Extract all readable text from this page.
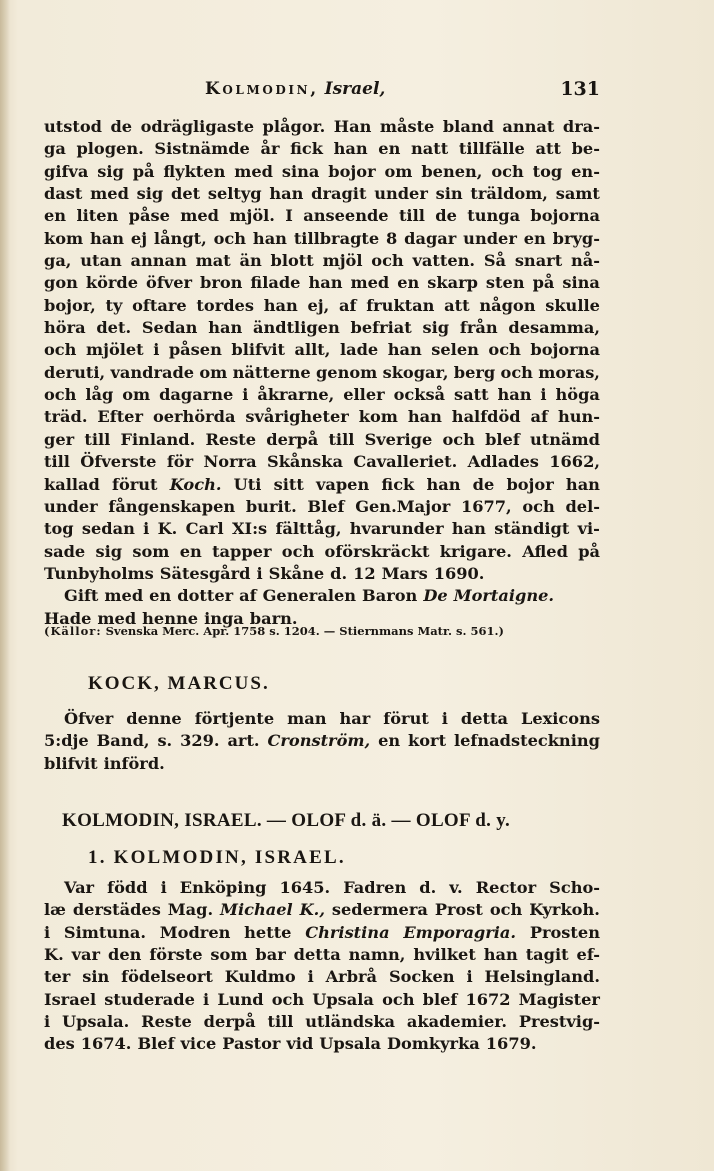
Kolmodin, Israel,	131
utstod de odrägligaste plågor. Han måste bland annat dra-
ga plogen. Sistnämde år fick han en natt tillfälle att be-
gifva sig på flykten med sina bojor om benen, och tog en-
dast med sig det seltyg han dragit under sin träldom, samt
en liten påse med mjöl. I anseende till de tunga bojorna
kom han ej långt, och han tillbragte 8 dagar under en bryg-
ga, utan annan mat än blott mjöl och vatten. Så snart nå-
gon körde öfver bron filade han med en skarp sten på sina
bojor, ty oftare tordes han ej, af fruktan att någon skulle
höra det. Sedan han ändtligen befriat sig från desamma,
och mjölet i påsen blifvit allt, lade han selen och bojorna
deruti, vandrade om nätterne genom skogar, berg och moras,
och låg om dagarne i åkrarne, eller också satt han i höga
träd. Efter oerhörda svårigheter kom han halfdöd af hun-
ger till Finland. Reste derpå till Sverige och blef utnämd
till Öfverste för Norra Skånska Cavalleriet. Adlades 1662,
kallad förut Koch. Uti sitt vapen fick han de bojor han
under fångenskapen burit. Blef Gen.Major 1677, och del-
tog sedan i K. Carl XI:s fälttåg, hvarunder han ständigt vi-
sade sig som en tapper och oförskräckt krigare. Afled på
Tunbyholms Sätesgård i Skåne d. 12 Mars 1690.
Gift med en dotter af Generalen Baron De Mortaigne.
Hade med henne inga barn.
(Källor: Svenska Merc. Apr. 1758 s. 1204. — Stiernmans Matr. s. 561.)
KOCK, MARCUS.
Öfver denne förtjente man har förut i detta Lexicons
5:dje Band, s. 329. art. Cronström, en kort lefnadsteckning
blifvit införd.
KOLMODIN, ISRAEL. — OLOF d. ä. — OLOF d. y.
1. KOLMODIN, ISRAEL.
Var född i Enköping 1645. Fadren d. v. Rector Scho-
læ derstädes Mag. Michael K., sedermera Prost och Kyrkoh.
i Simtuna. Modren hette Christina Emporagria. Prosten
K. var den förste som bar detta namn, hvilket han tagit ef-
ter sin födelseort Kuldmo i Arbrå Socken i Helsingland.
Israel studerade i Lund och Upsala och blef 1672 Magister
i Upsala. Reste derpå till utländska akademier. Prestvig-
des 1674. Blef vice Pastor vid Upsala Domkyrka 1679.
